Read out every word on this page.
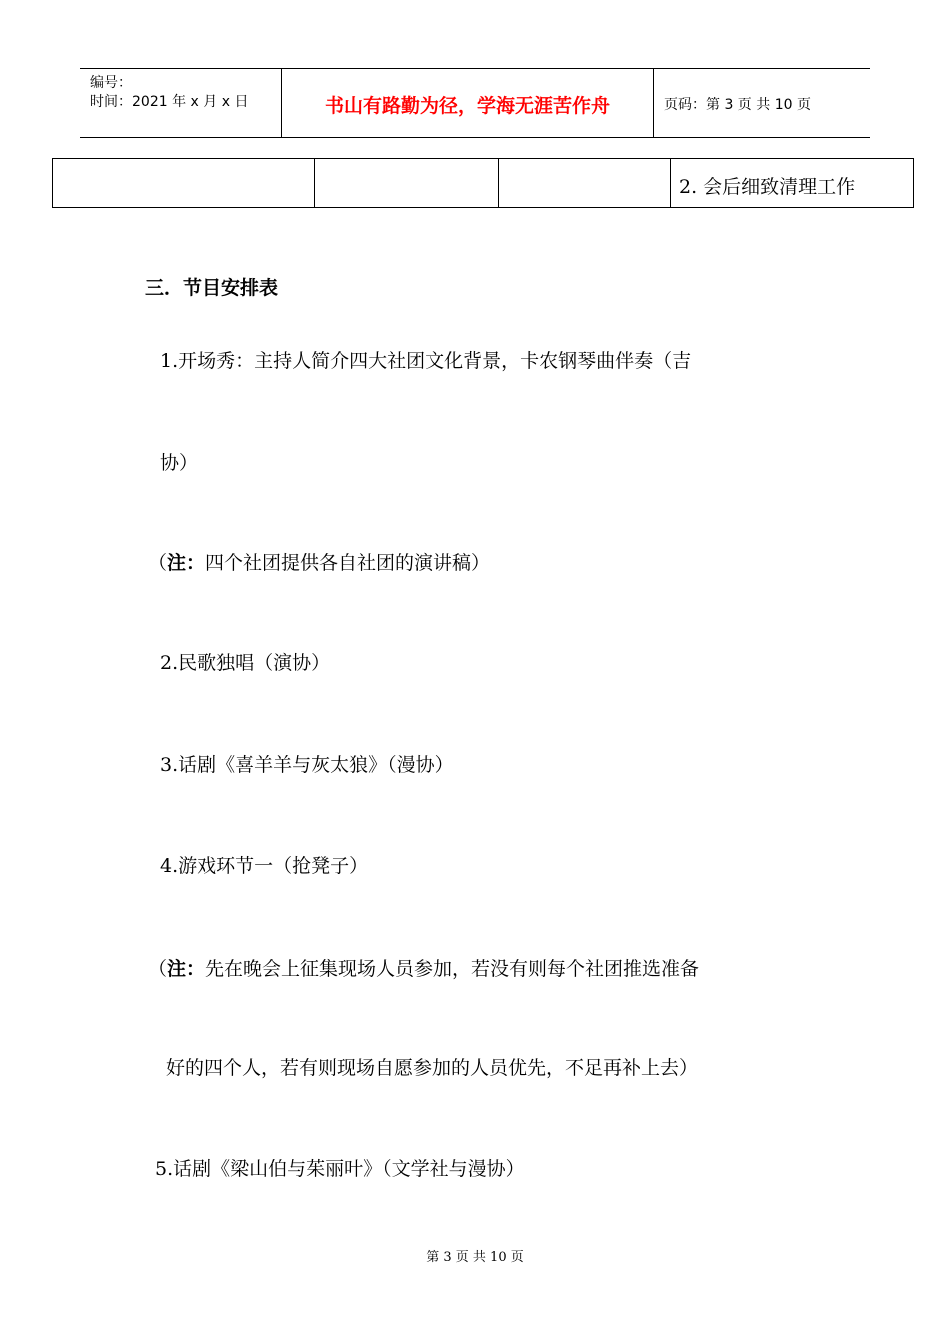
编号：
时间：2021 年 x 月 x 日	书山有路勤为径，学海无涯苦作舟	页码：第 3 页 共 10 页
2. 会后细致清理工作
三．节目安排表
1.开场秀：主持人简介四大社团文化背景，卡农钢琴曲伴奏（吉
协）
（注：四个社团提供各自社团的演讲稿）
2.民歌独唱（演协）
3.话剧《喜羊羊与灰太狼》（漫协）
4.游戏环节一（抢凳子）
（注：先在晚会上征集现场人员参加，若没有则每个社团推选准备
好的四个人，若有则现场自愿参加的人员优先，不足再补上去）
5.话剧《梁山伯与茱丽叶》（文学社与漫协）
第 3 页 共 10 页
